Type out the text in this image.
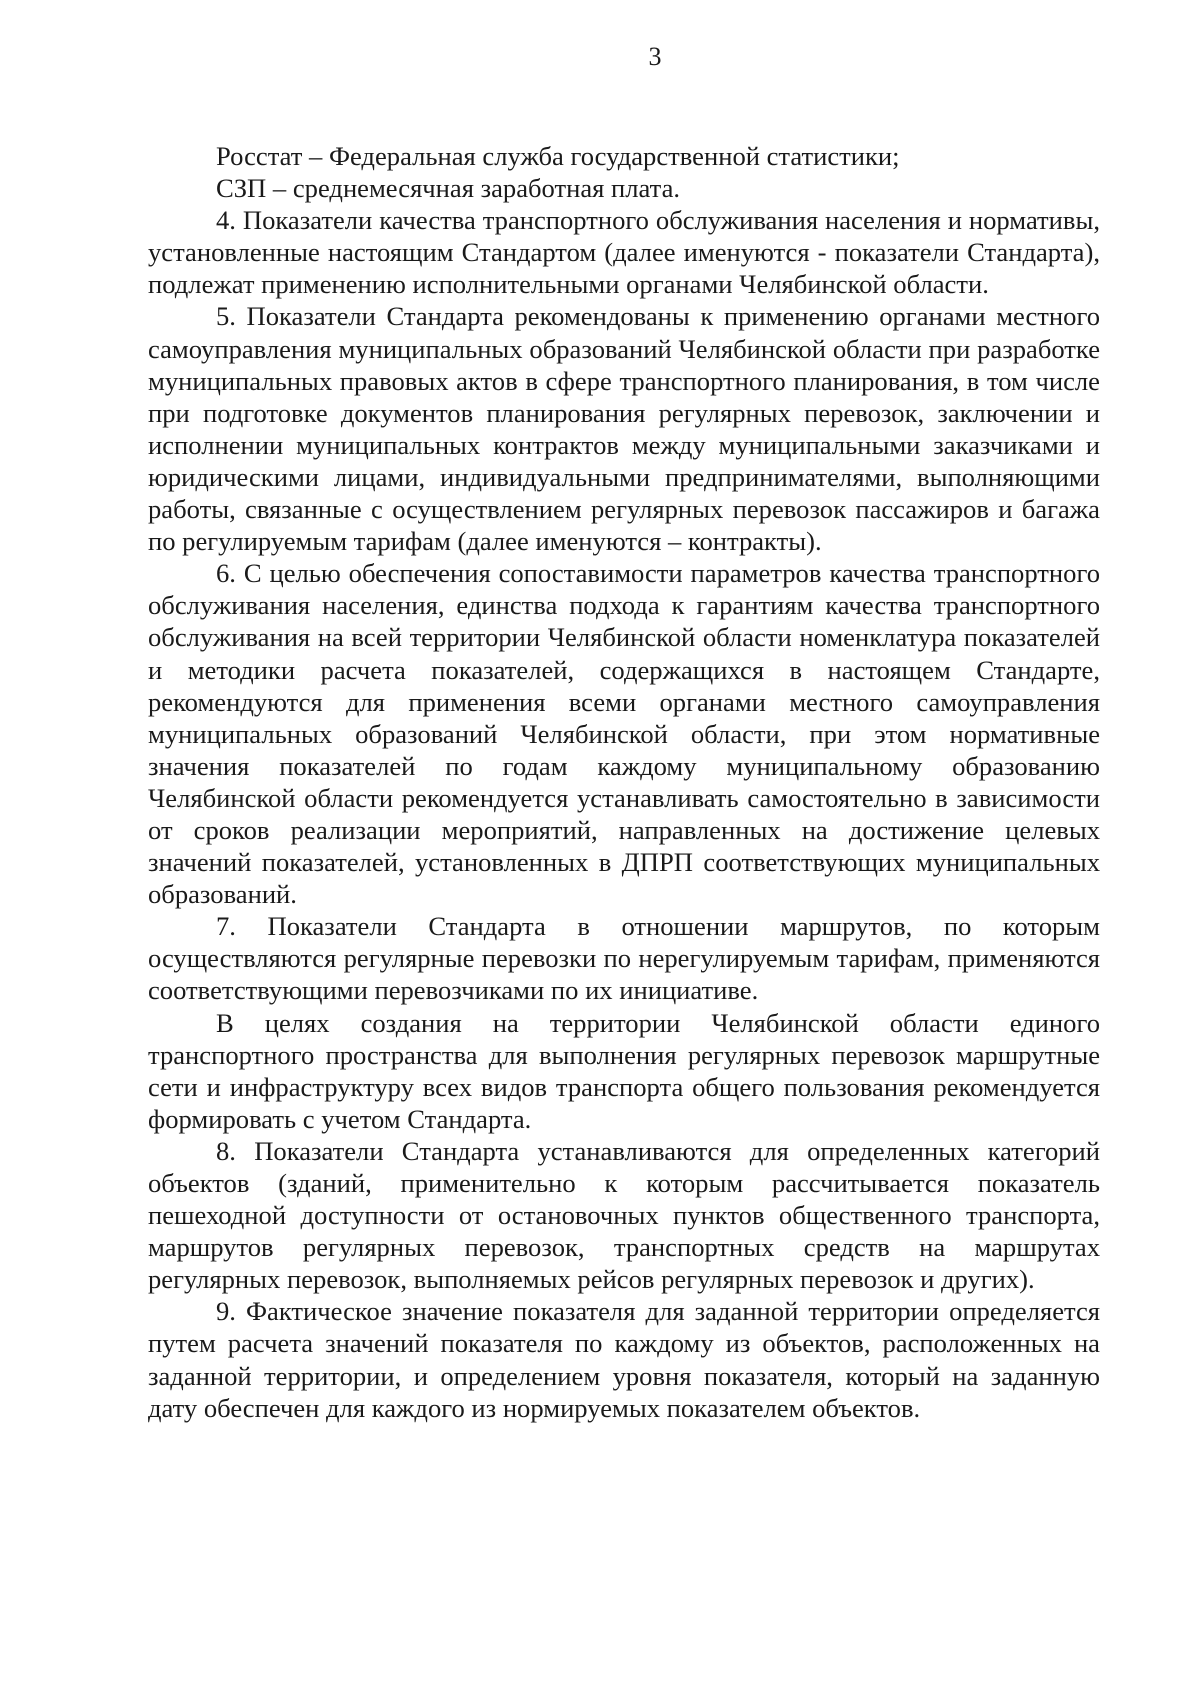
3

Росстат – Федеральная служба государственной статистики;

СЗП – среднемесячная заработная плата.

4. Показатели качества транспортного обслуживания населения и нормативы, установленные настоящим Стандартом (далее именуются - показатели Стандарта), подлежат применению исполнительными органами Челябинской области.

5. Показатели Стандарта рекомендованы к применению органами местного самоуправления муниципальных образований Челябинской области при разработке муниципальных правовых актов в сфере транспортного планирования, в том числе при подготовке документов планирования регулярных перевозок, заключении и исполнении муниципальных контрактов между муниципальными заказчиками и юридическими лицами, индивидуальными предпринимателями, выполняющими работы, связанные с осуществлением регулярных перевозок пассажиров и багажа по регулируемым тарифам (далее именуются – контракты).

6. С целью обеспечения сопоставимости параметров качества транспортного обслуживания населения, единства подхода к гарантиям качества транспортного обслуживания на всей территории Челябинской области номенклатура показателей и методики расчета показателей, содержащихся в настоящем Стандарте, рекомендуются для применения всеми органами местного самоуправления муниципальных образований Челябинской области, при этом нормативные значения показателей по годам каждому муниципальному образованию Челябинской области рекомендуется устанавливать самостоятельно в зависимости от сроков реализации мероприятий, направленных на достижение целевых значений показателей, установленных в ДПРП соответствующих муниципальных образований.

7. Показатели Стандарта в отношении маршрутов, по которым осуществляются регулярные перевозки по нерегулируемым тарифам, применяются соответствующими перевозчиками по их инициативе.

В целях создания на территории Челябинской области единого транспортного пространства для выполнения регулярных перевозок маршрутные сети и инфраструктуру всех видов транспорта общего пользования рекомендуется формировать с учетом Стандарта.

8. Показатели Стандарта устанавливаются для определенных категорий объектов (зданий, применительно к которым рассчитывается показатель пешеходной доступности от остановочных пунктов общественного транспорта, маршрутов регулярных перевозок, транспортных средств на маршрутах регулярных перевозок, выполняемых рейсов регулярных перевозок и других).

9. Фактическое значение показателя для заданной территории определяется путем расчета значений показателя по каждому из объектов, расположенных на заданной территории, и определением уровня показателя, который на заданную дату обеспечен для каждого из нормируемых показателем объектов.
